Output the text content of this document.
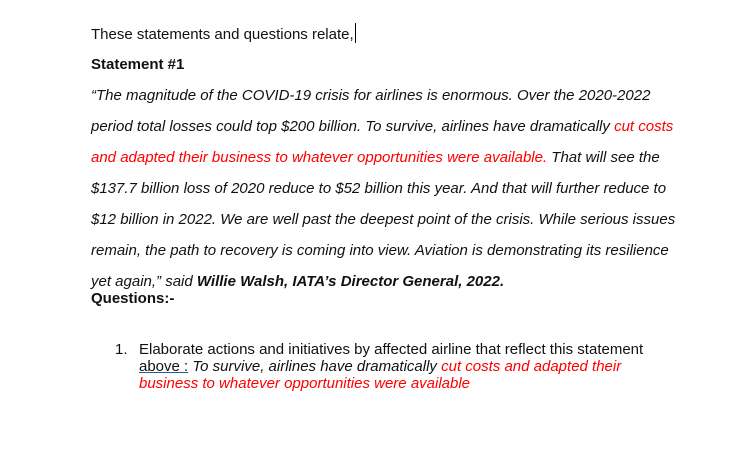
These statements and questions relate,
Statement #1
“The magnitude of the COVID-19 crisis for airlines is enormous. Over the 2020-2022
period total losses could top $200 billion. To survive, airlines have dramatically cut costs
and adapted their business to whatever opportunities were available. That will see the
$137.7 billion loss of 2020 reduce to $52 billion this year. And that will further reduce to
$12 billion in 2022. We are well past the deepest point of the crisis. While serious issues
remain, the path to recovery is coming into view. Aviation is demonstrating its resilience
yet again,” said Willie Walsh, IATA’s Director General, 2022.
Questions:-
1. Elaborate actions and initiatives by affected airline that reflect this statement
above : To survive, airlines have dramatically cut costs and adapted their
business to whatever opportunities were available
